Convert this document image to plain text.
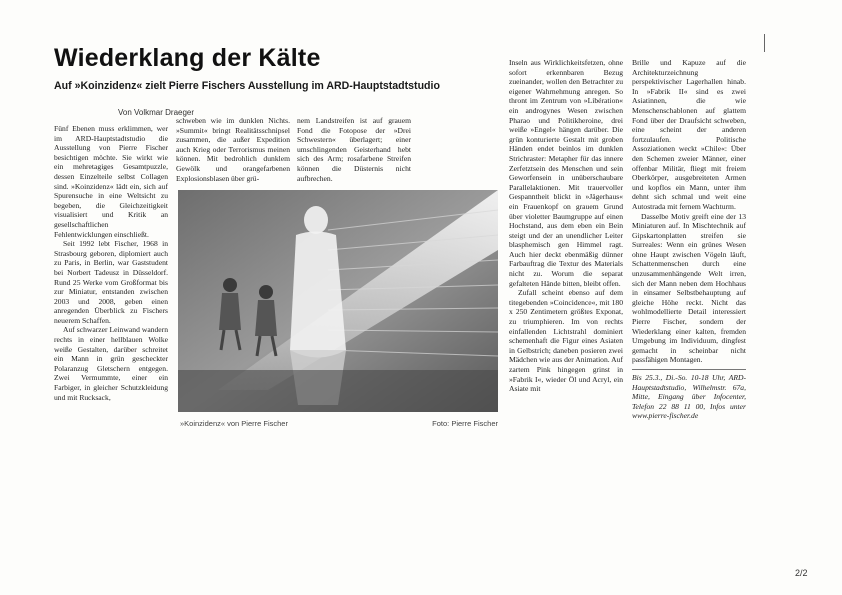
Wiederklang der Kälte
Auf »Koinzidenz« zielt Pierre Fischers Ausstellung im ARD-Hauptstadtstudio
Von Volkmar Draeger

Fünf Ebenen muss erklimmen, wer im ARD-Hauptstadtstudio die Ausstellung von Pierre Fischer besichtigen möchte. Sie wirkt wie ein mehretagiges Gesamtpuzzle, dessen Einzelteile selbst Collagen sind. »Koinzidenz« lädt ein, sich auf Spurensuche in eine Weltsicht zu begeben, die Gleichzeitigkeit visualisiert und Kritik an gesellschaftlichen Fehlentwicklungen einschließt.

Seit 1992 lebt Fischer, 1968 in Strasbourg geboren, diplomiert auch zu Paris, in Berlin, war Gaststudent bei Norbert Tadeusz in Düsseldorf. Rund 25 Werke vom Großformat bis zur Miniatur, entstanden zwischen 2003 und 2008, geben einen anregenden Überblick zu Fischers neuerem Schaffen.

Auf schwarzer Leinwand wandern rechts in einer hellblauen Wolke weiße Gestalten, darüber schreitet ein Mann in grün gescheckter Polaranzug Gletschern entgegen. Zwei Vermummte, einer ein Farbiger, in gleicher Schutzkleidung und mit Rucksack,

schweben wie im dunklen Nichts. »Summit« bringt Realitätsschnipsel zusammen, die außer Expedition auch Krieg oder Terrorismus meinen können. Mit bedrohlich dunklem Gewölk und orangefarbenen Explosionsblasen über grü-

nem Landstreifen ist auf grauem Fond die Fotopose der »Drei Schwestern« überlagert; einer umschlingenden Geisterhand hebt sich des Arm; rosafarbene Streifen können die Düsternis nicht aufbrechen.

»Koinzidenz« von Pierre Fischer	Foto: Pierre Fischer

Inseln aus Wirklichkeitsfetzen, ohne sofort erkennbaren Bezug zueinander, wollen den Betrachter zu eigener Wahrnehmung anregen. So thront im Zentrum von »Libération« ein androgynes Wesen zwischen Pharao und Politikheroine, drei weiße »Engel« hängen darüber. Die grün konturierte Gestalt mit groben Händen endet beinlos im dunklen Strichraster: Metapher für das innere Zerfetztsein des Menschen und sein Geworfensein in unüberschaubare Parallelaktionen. Mit trauervoller Gespanntheit blickt in »Jägerhaus« ein Frauenkopf on grauem Grund über violetter Baumgruppe auf einen Hochstand, aus dem eben ein Bein steigt und der an unendlicher Leiter blasphemisch gen Himmel ragt. Auch hier deckt ebenmäßig dünner Farbauftrag die Textur des Materials nicht zu. Worum die separat gefalteten Hände bitten, bleibt offen.

Zufall scheint ebenso auf dem titegebenden »Coincidence«, mit 180 x 250 Zentimetern größtes Exponat, zu triumphieren. Im von rechts einfallenden Lichtstrahl dominiert schemenhaft die Figur eines Asiaten in Gelbstrich; daneben posieren zwei Mädchen wie aus der Animation. Auf zartem Pink hingegen grinst in »Fabrik I«, wieder Öl und Acryl, ein Asiate mit

Brille und Kapuze auf die Architekturzeichnung perspektivischer Lagerhallen hinab. In »Fabrik II« sind es zwei Asiatinnen, die wie Menschenschablonen auf glattem Fond über der Draufsicht schweben, eine scheint der anderen fortzulaufen. Politische Assoziationen weckt »Chile«: Über den Schemen zweier Männer, einer offenbar Militär, fliegt mit freiem Oberkörper, ausgebreiteten Armen und kopflos ein Mann, unter ihm dehnt sich schmal und weit eine Autostrada mit fernem Wachturm.

Dasselbe Motiv greift eine der 13 Miniaturen auf. In Mischtechnik auf Gipskartonplatten streifen sie Surreales: Wenn ein grünes Wesen ohne Haupt zwischen Vögeln läuft, Schattenmenschen durch eine unzusammenhängende Welt irren, sich der Mann neben dem Hochhaus in einsamer Selbstbehauptung auf gleiche Höhe reckt. Nicht das wohlmodellierte Detail interessiert Pierre Fischer, sondern der Wiederklang einer kalten, fremden Umgebung im Individuum, dingfest gemacht in scheinbar nicht passfähigen Montagen.

Bis 25.3., Di.-So. 10-18 Uhr, ARD-Hauptstadtstudio, Wilhelmstr. 67a, Mitte, Eingang über Infocenter, Telefon 22 88 11 00, Infos unter www.pierre-fischer.de

2/2
